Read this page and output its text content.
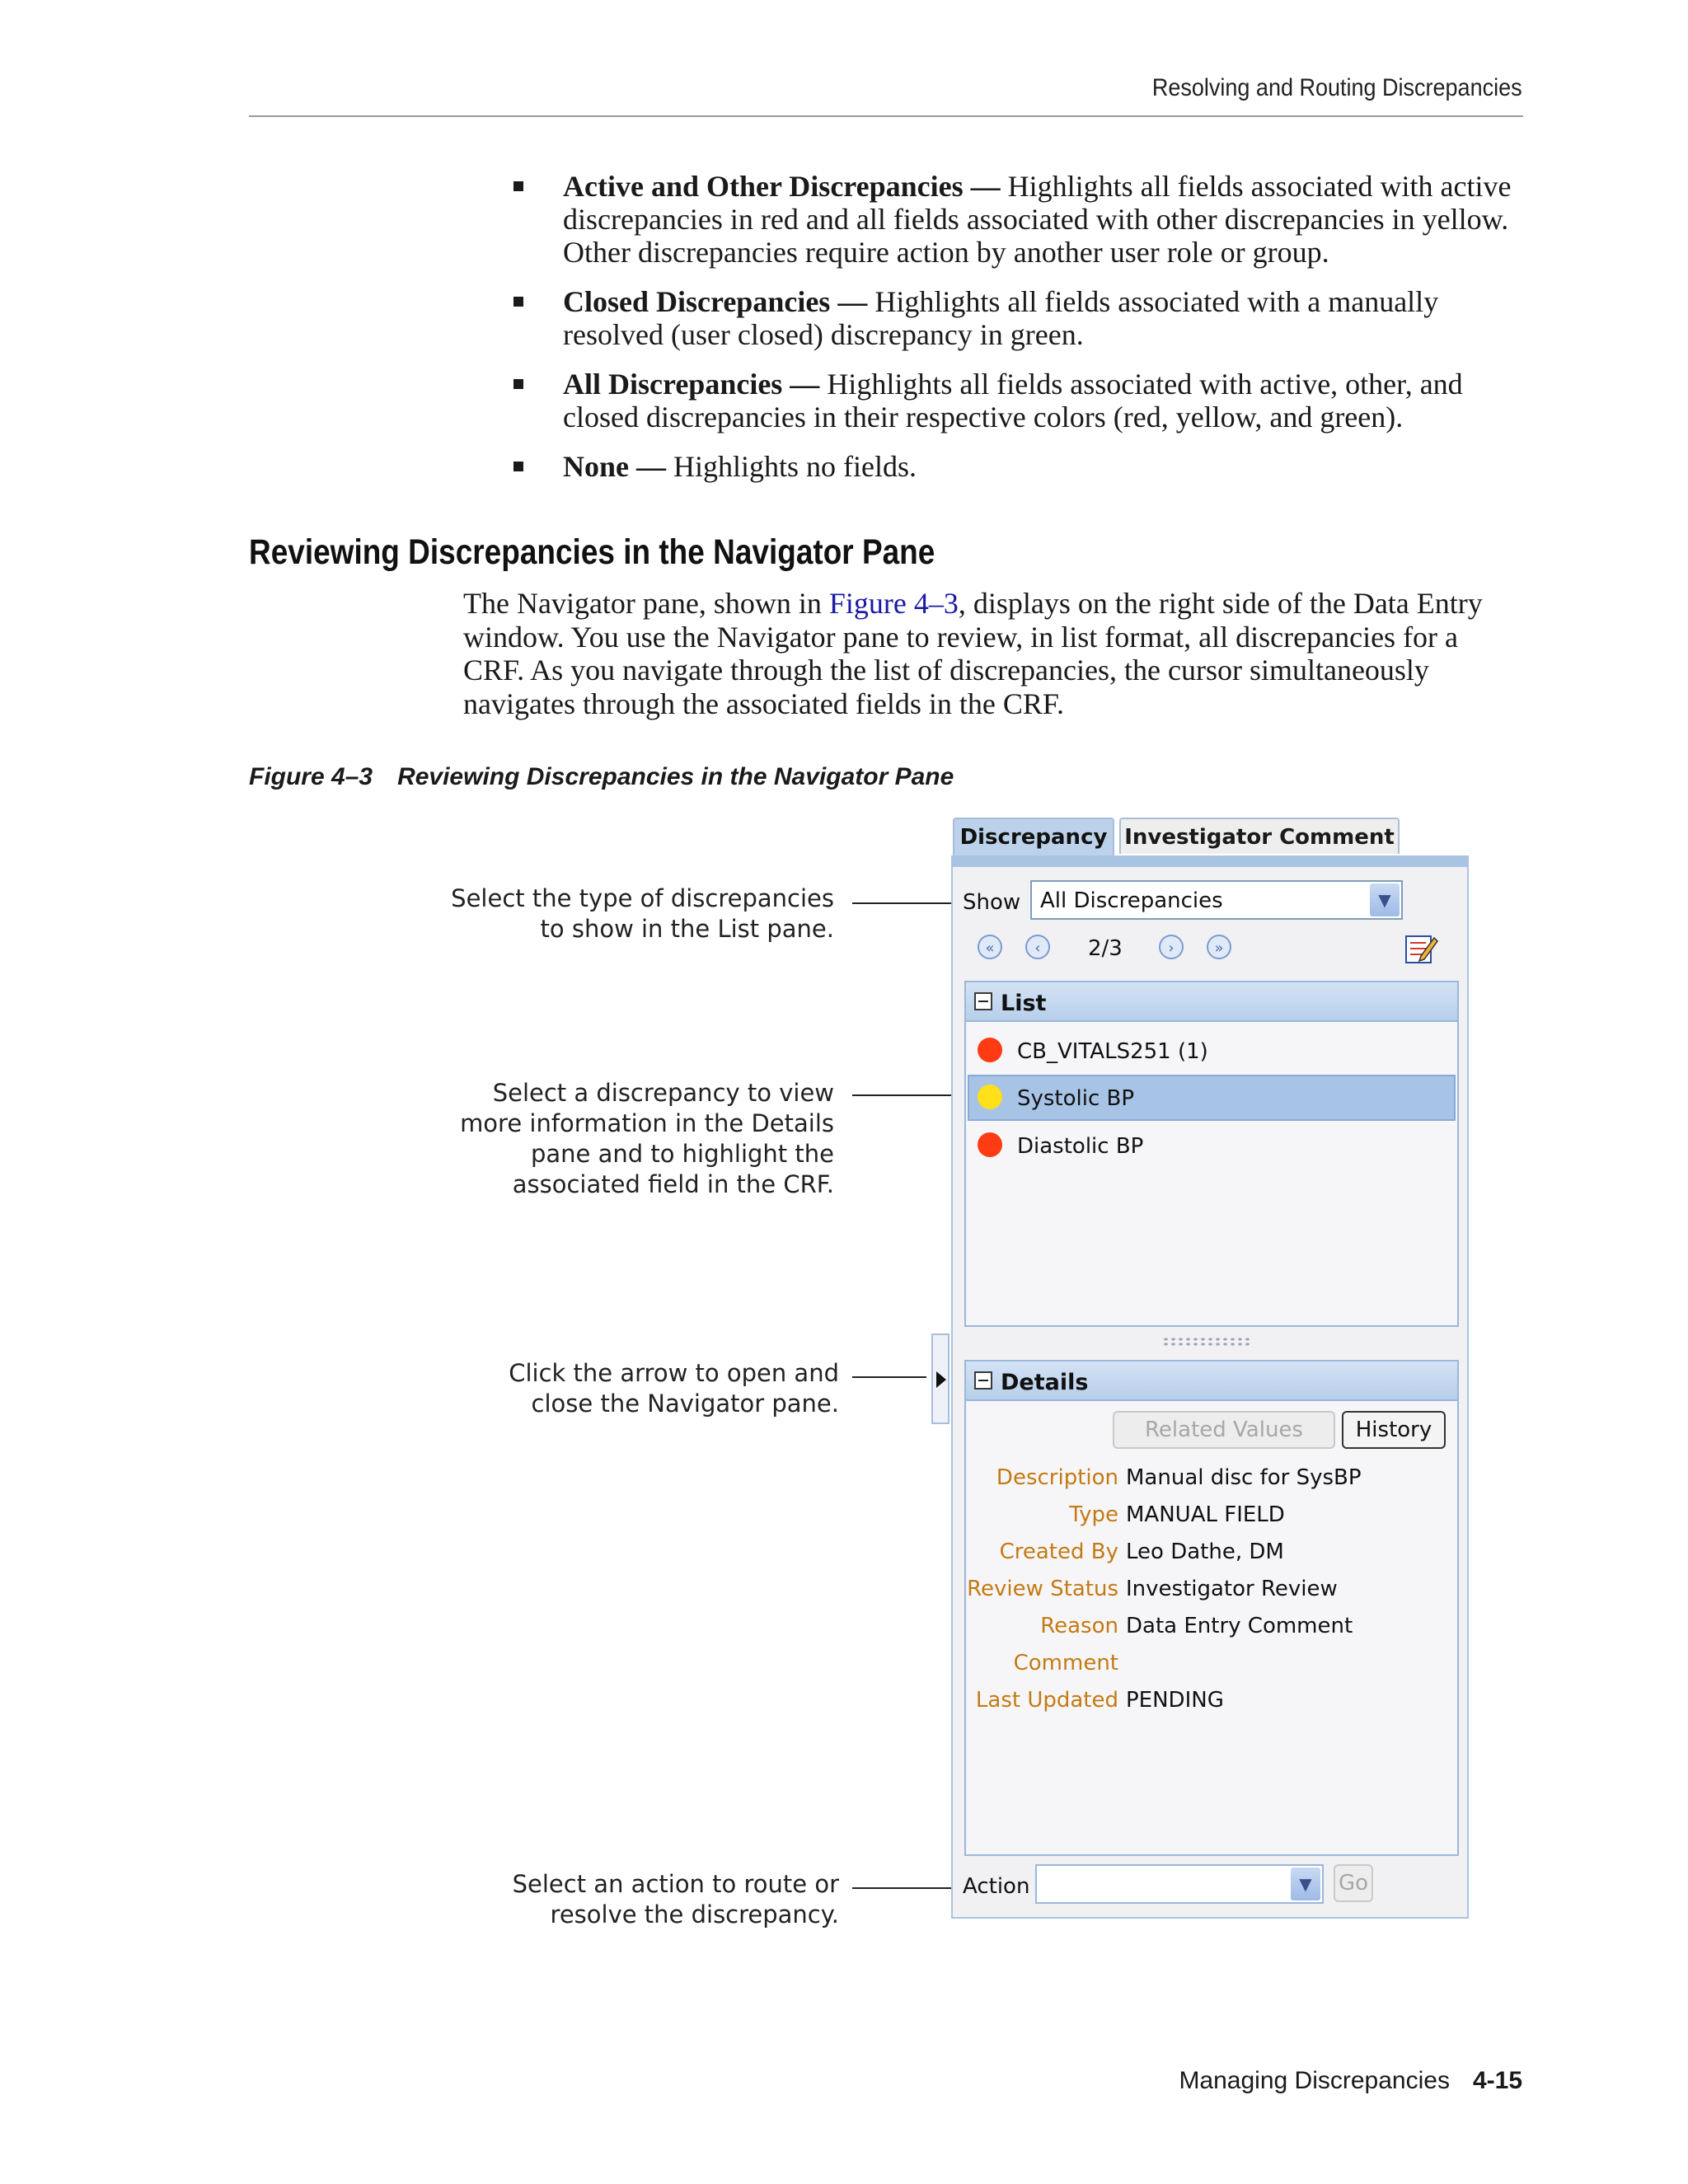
Resolving and Routing Discrepancies
Active and Other Discrepancies — Highlights all fields associated with active discrepancies in red and all fields associated with other discrepancies in yellow. Other discrepancies require action by another user role or group.
Closed Discrepancies — Highlights all fields associated with a manually resolved (user closed) discrepancy in green.
All Discrepancies — Highlights all fields associated with active, other, and closed discrepancies in their respective colors (red, yellow, and green).
None — Highlights no fields.
Reviewing Discrepancies in the Navigator Pane

The Navigator pane, shown in Figure 4–3, displays on the right side of the Data Entry window. You use the Navigator pane to review, in list format, all discrepancies for a CRF. As you navigate through the list of discrepancies, the cursor simultaneously navigates through the associated fields in the CRF.

Figure 4–3 Reviewing Discrepancies in the Navigator Pane
Select the type of discrepancies
to show in the List pane.
Select a discrepancy to view
more information in the Details
pane and to highlight the
associated field in the CRF.
Click the arrow to open and
close the Navigator pane.
Select an action to route or
resolve the discrepancy.
Discrepancy Investigator Comment
Show All Discrepancies	▼
«	‹	2/3	›	»
List
CB_VITALS251 (1)
Systolic BP
Diastolic BP
Details
Related Values	History
Description Manual disc for SysBP
Type MANUAL FIELD
Created By Leo Dathe, DM
Review Status Investigator Review
Reason Data Entry Comment
Comment
Last Updated PENDING
Action	▼	Go
Managing Discrepancies 4-15
